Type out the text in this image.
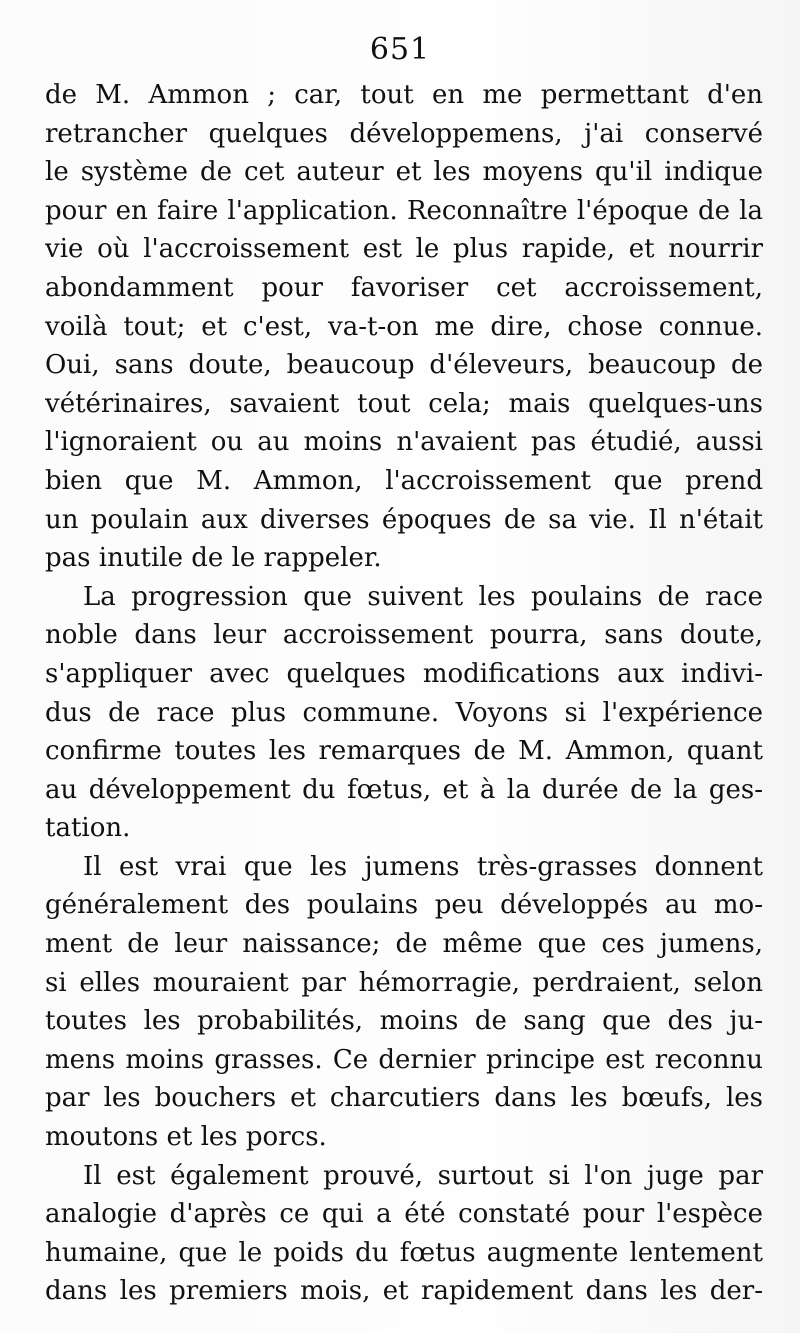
651
de M. Ammon ; car, tout en me permettant d'en
retrancher quelques développemens, j'ai conservé
le système de cet auteur et les moyens qu'il indique
pour en faire l'application. Reconnaître l'époque de la
vie où l'accroissement est le plus rapide, et nourrir
abondamment pour favoriser cet accroissement,
voilà tout; et c'est, va-t-on me dire, chose connue.
Oui, sans doute, beaucoup d'éleveurs, beaucoup de
vétérinaires, savaient tout cela; mais quelques-uns
l'ignoraient ou au moins n'avaient pas étudié, aussi
bien que M. Ammon, l'accroissement que prend
un poulain aux diverses époques de sa vie. Il n'était
pas inutile de le rappeler.
La progression que suivent les poulains de race
noble dans leur accroissement pourra, sans doute,
s'appliquer avec quelques modifications aux indivi-
dus de race plus commune. Voyons si l'expérience
confirme toutes les remarques de M. Ammon, quant
au développement du fœtus, et à la durée de la ges-
tation.
Il est vrai que les jumens très-grasses donnent
généralement des poulains peu développés au mo-
ment de leur naissance; de même que ces jumens,
si elles mouraient par hémorragie, perdraient, selon
toutes les probabilités, moins de sang que des ju-
mens moins grasses. Ce dernier principe est reconnu
par les bouchers et charcutiers dans les bœufs, les
moutons et les porcs.
Il est également prouvé, surtout si l'on juge par
analogie d'après ce qui a été constaté pour l'espèce
humaine, que le poids du fœtus augmente lentement
dans les premiers mois, et rapidement dans les der-
